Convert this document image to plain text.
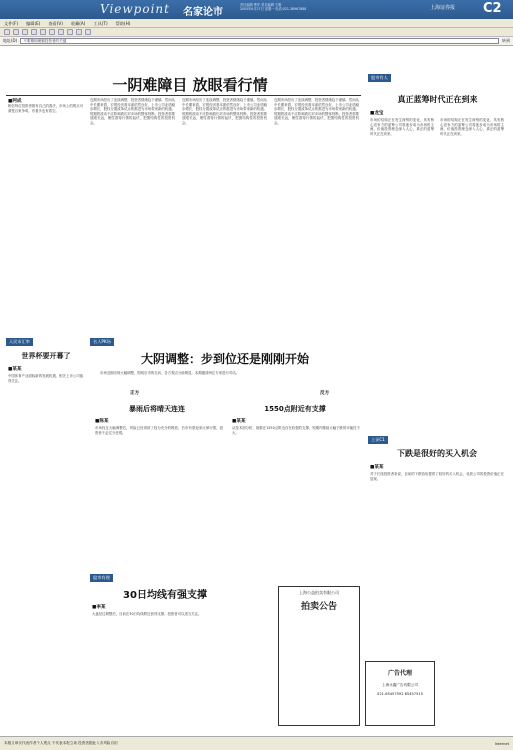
Viewpoint 名家论市
责任编辑 曹华 美术编辑 王刚
2005年6月27日 星期一 电话:021-38967888	上海证券报 C2
文件(F) 编辑(E) 查看(V) 收藏(A) 工具(T) 帮助(H)
地址(D)	不要精细理顺投资者的关键	转到
一阴难障目 放眼看行情
■阿成
相信每位投资者都有自己的看法，市场上的观点可谓是百家争鸣，有看多也有看空。
近期市场经历了连续调整，投资者情绪趋于谨慎。然而从中长期来看，宏观经济基本面依然良好，上市公司业绩稳步增长，股权分置改革试点的推进为市场带来新的机遇。短期的波动不应影响我们对市场的整体判断，投资者需要放眼长远，理性看待行情的起伏，把握结构性的投资机会。
近期市场经历了连续调整，投资者情绪趋于谨慎。然而从中长期来看，宏观经济基本面依然良好，上市公司业绩稳步增长，股权分置改革试点的推进为市场带来新的机遇。短期的波动不应影响我们对市场的整体判断，投资者需要放眼长远，理性看待行情的起伏，把握结构性的投资机会。
近期市场经历了连续调整，投资者情绪趋于谨慎。然而从中长期来看，宏观经济基本面依然良好，上市公司业绩稳步增长，股权分置改革试点的推进为市场带来新的机遇。短期的波动不应影响我们对市场的整体判断，投资者需要放眼长远，理性看待行情的起伏，把握结构性的投资机会。
股市有人
真正蓝筹时代正在到来
■龙宝
市场的结构正在发生深刻的变化，具有核心竞争力的蓝筹公司将逐步成为市场的主流，价值投资理念深入人心，真正的蓝筹时代正在到来。
市场的结构正在发生深刻的变化，具有核心竞争力的蓝筹公司将逐步成为市场的主流，价值投资理念深入人心，真正的蓝筹时代正在到来。
人民币汇率
世界杯要开幕了
■某某
中国体育产业面临新的发展机遇，相关上市公司值得关注。
名人PK场
大阴调整：步到位还是刚刚开始
市场近期出现大幅调整，围绕后市的走向，各方观点分歧明显，本期邀请两位专家进行对话。
正方	反方
暴雨后将晴天连连	1550点附近有支撑
■陈某	■某某
市场经过大幅调整后，风险已经得到了较为充分的释放，后市有望迎来反弹行情，投资者不必过分悲观。
从技术面分析，指数在1550点附近存在较强的支撑，短期内继续大幅下跌的可能性不大。
股市有理
30日均线有强支撑
■李某
大盘经过调整后，目前在30日均线附近获得支撑，投资者可以适当关注。
上海公益拍卖有限公司
拍卖公告
广告代理
上海永鑫广告有限公司
021-65457592 65457515
上证C1
下跌是很好的买入机会
■某某
对于长线投资者来说，目前的下跌恰恰提供了较好的买入机会，优质公司的投资价值正在显现。
本版文章仅代表作者个人观点 不代表本报立场 投资者据此入市风险自担	Internet
